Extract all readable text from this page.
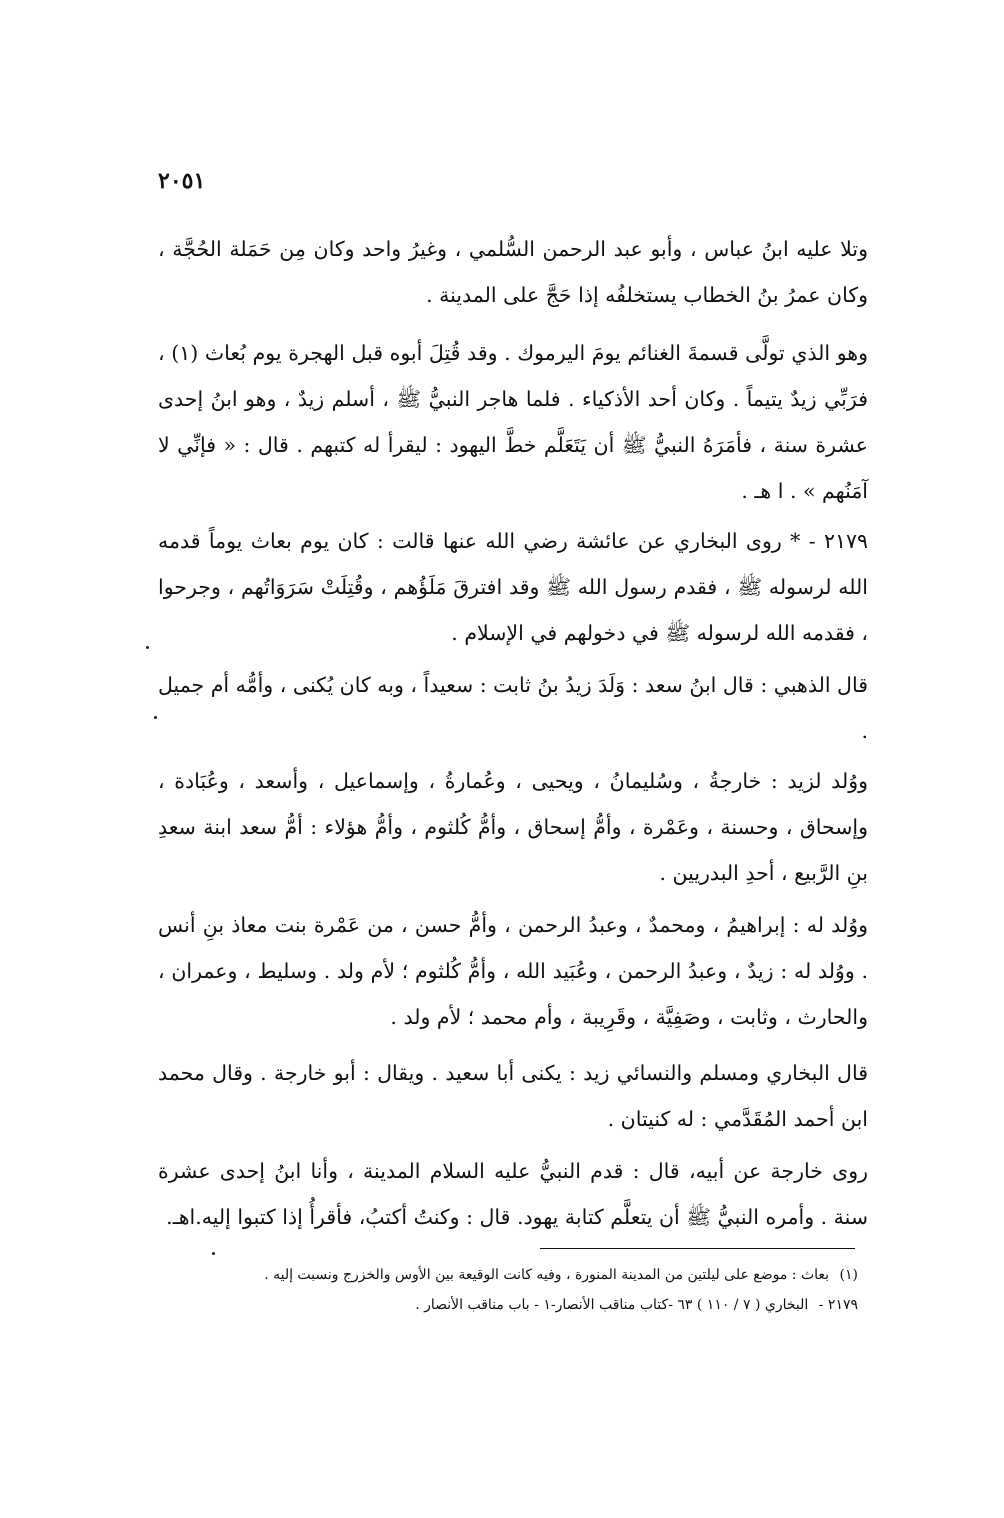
٢٠٥١

وتلا عليه ابنُ عباس ، وأبو عبد الرحمن السُّلمي ، وغيرُ واحد وكان مِن حَمَلة الحُجَّة ، وكان عمرُ بنُ الخطاب يستخلفُه إذا حَجَّ على المدينة .

وهو الذي تولَّى قسمةَ الغنائم يومَ اليرموك . وقد قُتِلَ أبوه قبل الهجرة يوم بُعاث (١) ، فرَبِّي زيدٌ يتيماً . وكان أحد الأذكياء . فلما هاجر النبيُّ ﷺ ، أسلم زيدٌ ، وهو ابنُ إحدى عشرة سنة ، فأمَرَهُ النبيُّ ﷺ أن يَتَعَلَّم خطَّ اليهود : ليقرأ له كتبهم . قال : « فإنِّي لا آمَنُهم » . ا هـ .

٢١٧٩ - * روى البخاري عن عائشة رضي الله عنها قالت : كان يوم بعاث يوماً قدمه الله لرسوله ﷺ ، فقدم رسول الله ﷺ وقد افترقَ مَلَؤُهم ، وقُتِلَتْ سَرَوَاتُهم ، وجرحوا ، فقدمه الله لرسوله ﷺ في دخولهم في الإسلام .

قال الذهبي : قال ابنُ سعد : وَلَدَ زيدُ بنُ ثابت : سعيداً ، وبه كان يُكنى ، وأمُّه أم جميل .

ووُلد لزيد : خارجةُ ، وسُليمانُ ، ويحيى ، وعُمارةُ ، وإسماعيل ، وأسعد ، وعُبَادة ، وإسحاق ، وحسنة ، وعَمْرة ، وأمُّ إسحاق ، وأمُّ كُلثوم ، وأمُّ هؤلاء : أمُّ سعد ابنة سعدِ بنِ الرَّبيع ، أحدِ البدريين .

ووُلد له : إبراهيمُ ، ومحمدٌ ، وعبدُ الرحمن ، وأمُّ حسن ، من عَمْرة بنت معاذ بنِ أنس . ووُلد له : زيدٌ ، وعبدُ الرحمن ، وعُبَيد الله ، وأمُّ كُلثوم ؛ لأم ولد . وسليط ، وعمران ، والحارث ، وثابت ، وصَفِيَّة ، وقَرِيبة ، وأم محمد ؛ لأم ولد .

قال البخاري ومسلم والنسائي زيد : يكنى أبا سعيد . ويقال : أبو خارجة . وقال محمد ابن أحمد المُقَدَّمي : له كنيتان .

روى خارجة عن أبيه، قال : قدم النبيُّ عليه السلام المدينة ، وأنا ابنُ إحدى عشرة سنة . وأمره النبيُّ ﷺ أن يتعلَّم كتابة يهود. قال : وكنتُ أكتبُ، فأقرأُ إذا كتبوا إليه.اهـ.

(١) بعاث : موضع على ليلتين من المدينة المنورة ، وفيه كانت الوقيعة بين الأوس والخزرج ونسبت إليه .
٢١٧٩ - البخاري ( ٧ / ١١٠ ) ٦٣ -كتاب مناقب الأنصار-١ - باب مناقب الأنصار .
